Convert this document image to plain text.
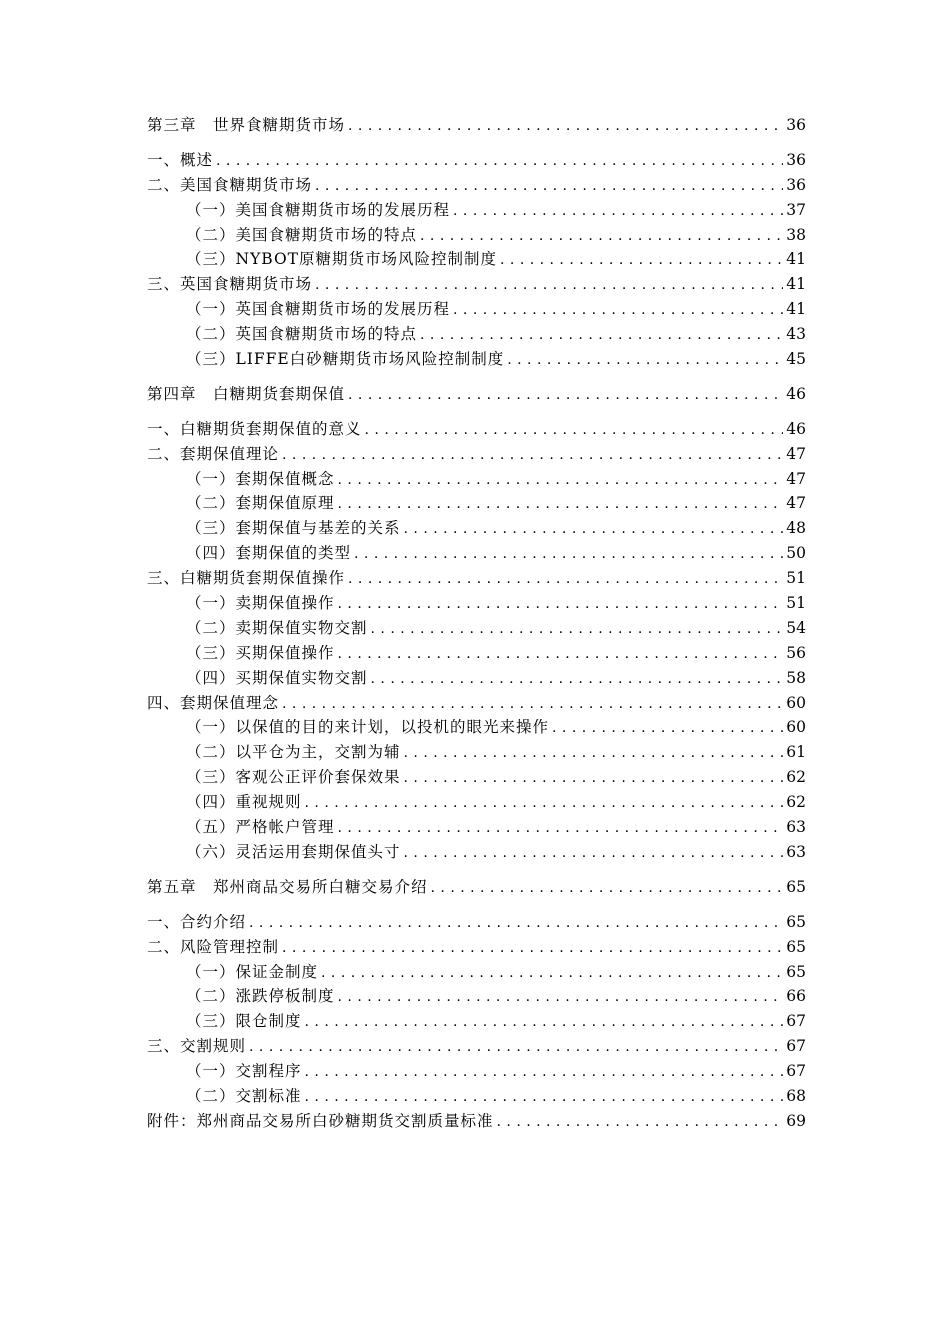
第三章　世界食糖期货市场 . . .	36
一、概述 . . .	36
二、美国食糖期货市场 . . .	36
（一）美国食糖期货市场的发展历程 . . .	37
（二）美国食糖期货市场的特点 . . .	38
（三）NYBOT原糖期货市场风险控制制度 . . .	41
三、英国食糖期货市场 . . .	41
（一）英国食糖期货市场的发展历程 . . .	41
（二）英国食糖期货市场的特点 . . .	43
（三）LIFFE白砂糖期货市场风险控制制度 . . .	45
第四章　白糖期货套期保值 . . .	46
一、白糖期货套期保值的意义 . . .	46
二、套期保值理论 . . .	47
（一）套期保值概念 . . .	47
（二）套期保值原理 . . .	47
（三）套期保值与基差的关系 . . .	48
（四）套期保值的类型 . . .	50
三、白糖期货套期保值操作 . . .	51
（一）卖期保值操作 . . .	51
（二）卖期保值实物交割 . . .	54
（三）买期保值操作 . . .	56
（四）买期保值实物交割 . . .	58
四、套期保值理念 . . .	60
（一）以保值的目的来计划，以投机的眼光来操作 . . .	60
（二）以平仓为主，交割为辅 . . .	61
（三）客观公正评价套保效果 . . .	62
（四）重视规则 . . .	62
（五）严格帐户管理 . . .	63
（六）灵活运用套期保值头寸 . . .	63
第五章　郑州商品交易所白糖交易介绍 . . .	65
一、合约介绍 . . .	65
二、风险管理控制 . . .	65
（一）保证金制度 . . .	65
（二）涨跌停板制度 . . .	66
（三）限仓制度 . . .	67
三、交割规则 . . .	67
（一）交割程序 . . .	67
（二）交割标准 . . .	68
附件：郑州商品交易所白砂糖期货交割质量标准 . . .	69
